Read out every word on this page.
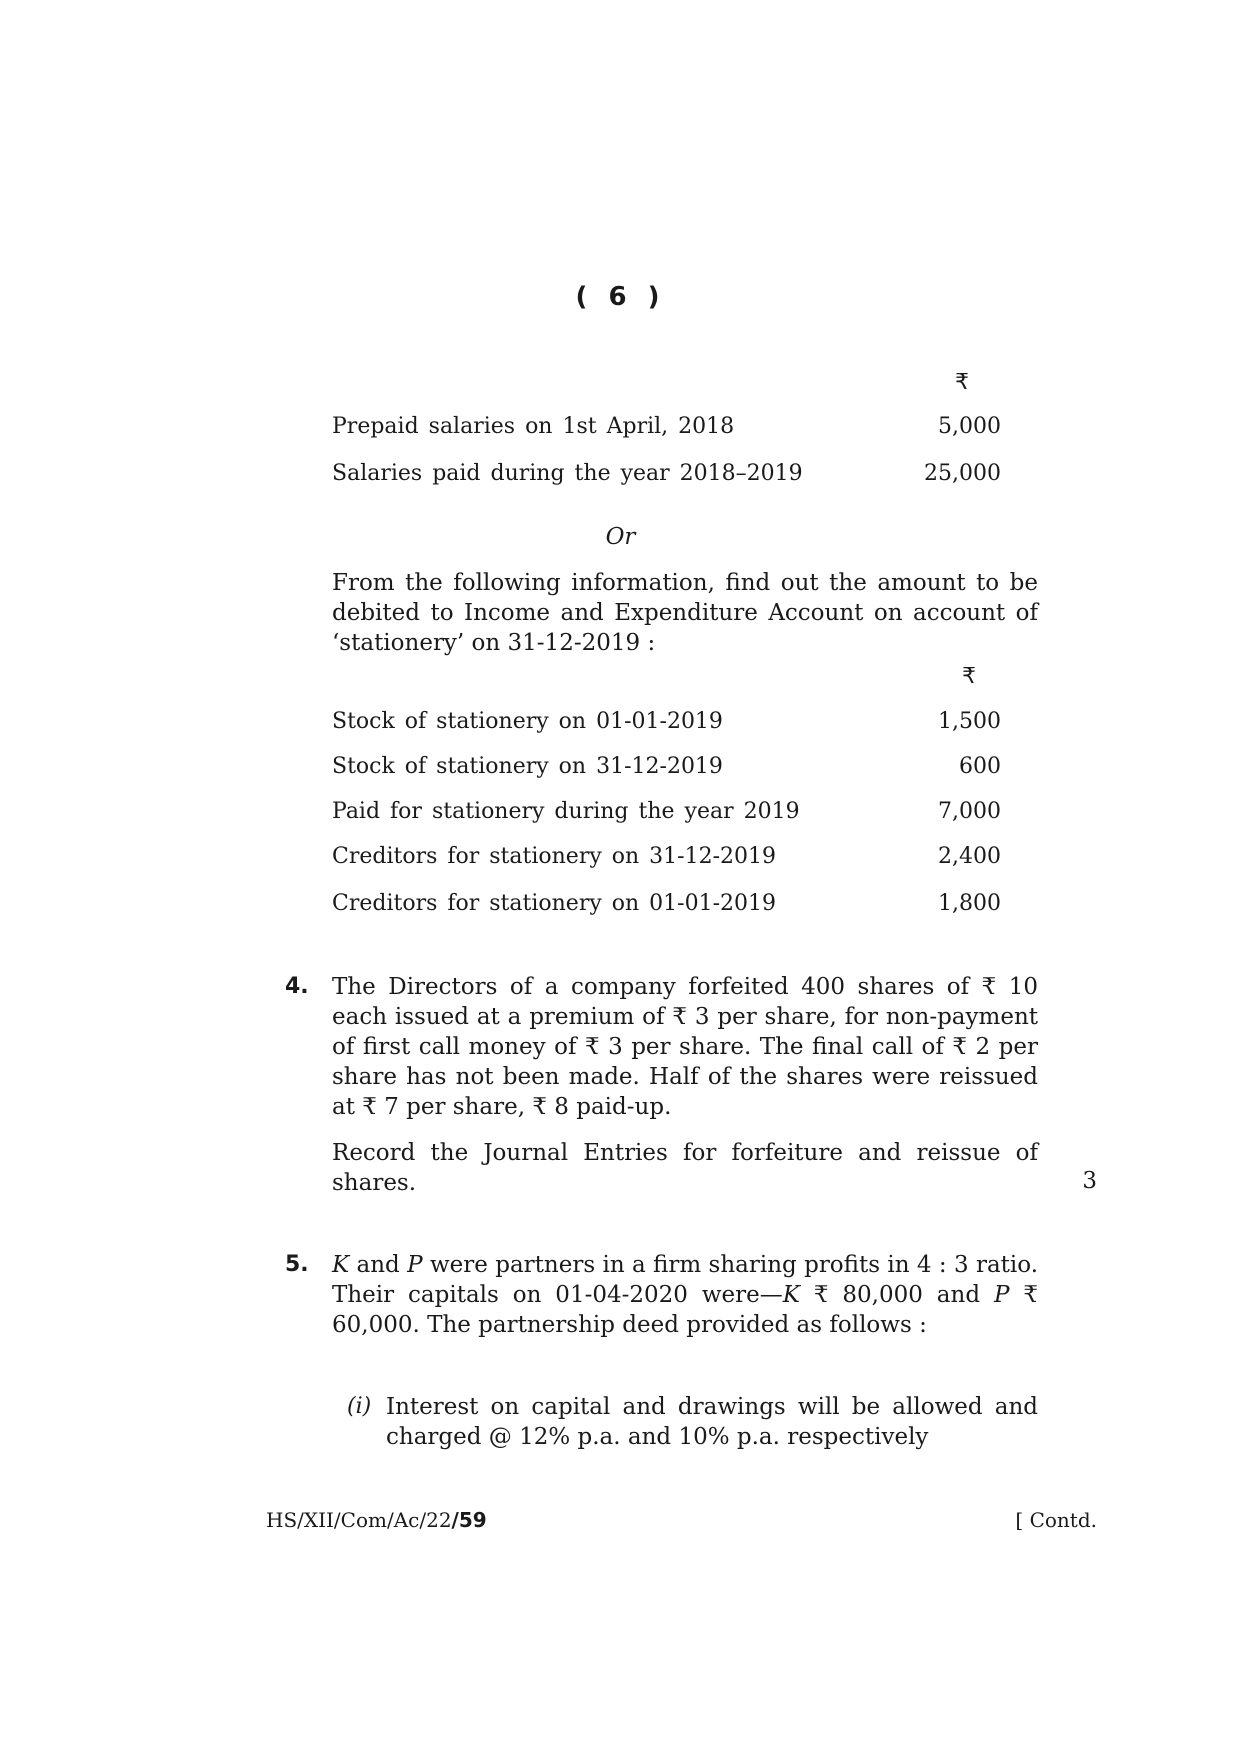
( 6 )
₹
Prepaid salaries on 1st April, 2018	5,000
Salaries paid during the year 2018–2019	25,000
Or
From the following information, find out the amount to be debited to Income and Expenditure Account on account of ‘stationery’ on 31-12-2019 :
₹
Stock of stationery on 01-01-2019	1,500
Stock of stationery on 31-12-2019	600
Paid for stationery during the year 2019	7,000
Creditors for stationery on 31-12-2019	2,400
Creditors for stationery on 01-01-2019	1,800
4. The Directors of a company forfeited 400 shares of ₹ 10 each issued at a premium of ₹ 3 per share, for non-payment of first call money of ₹ 3 per share. The final call of ₹ 2 per share has not been made. Half of the shares were reissued at ₹ 7 per share, ₹ 8 paid-up.
Record the Journal Entries for forfeiture and reissue of shares.	3
5. K and P were partners in a firm sharing profits in 4 : 3 ratio. Their capitals on 01-04-2020 were—K ₹ 80,000 and P ₹ 60,000. The partnership deed provided as follows :
(i) Interest on capital and drawings will be allowed and charged @ 12% p.a. and 10% p.a. respectively
HS/XII/Com/Ac/22/59	[ Contd.
